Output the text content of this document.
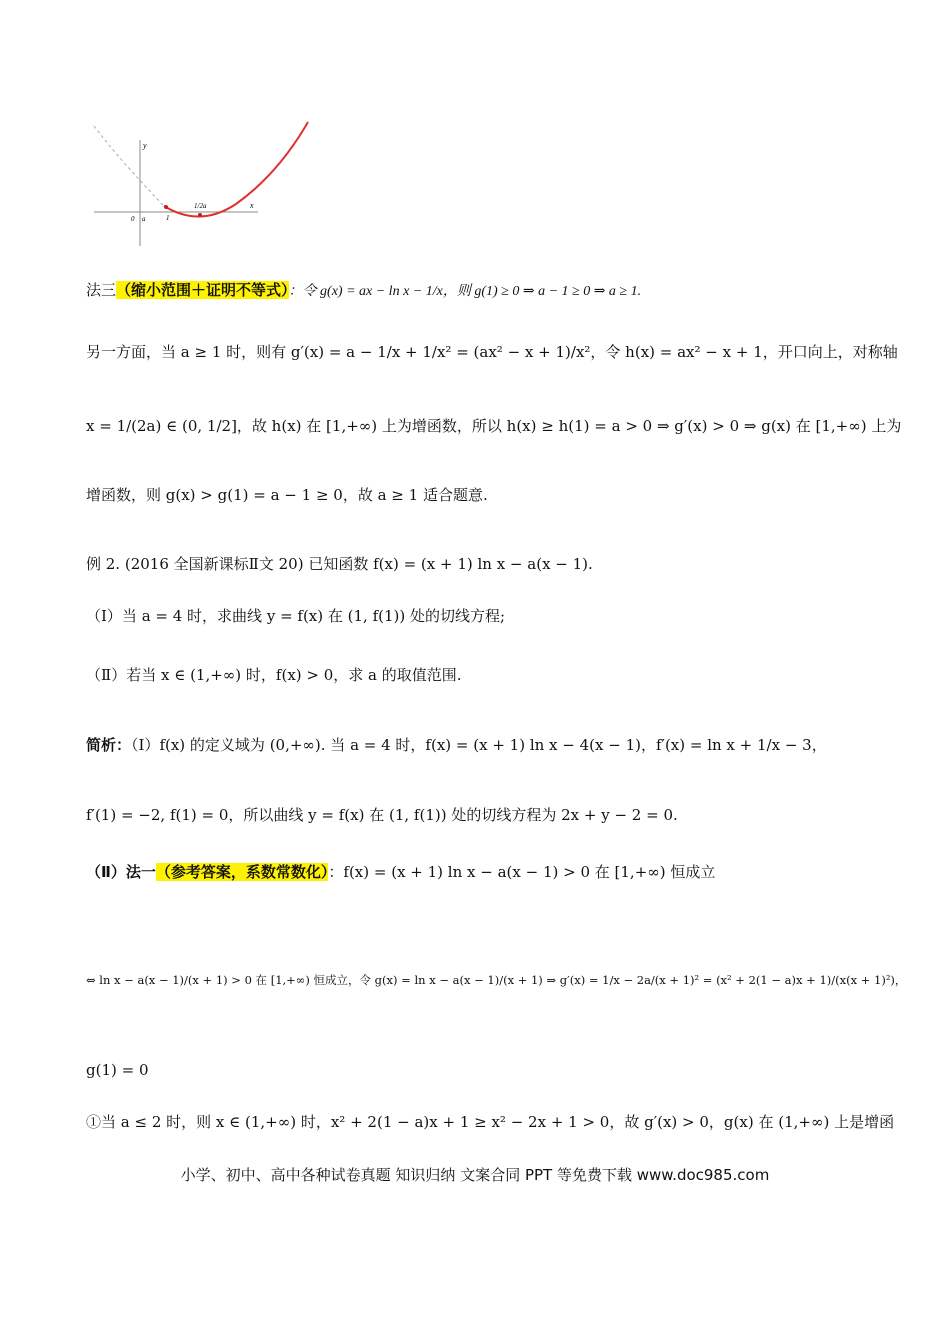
y
x
0 a	1
1/2a
法三（缩小范围＋证明不等式）：令 g(x) = ax − ln x − 1/x，则 g(1) ≥ 0 ⇒ a − 1 ≥ 0 ⇒ a ≥ 1.
另一方面，当 a ≥ 1 时，则有 g′(x) = a − 1/x + 1/x² = (ax² − x + 1)/x²，令 h(x) = ax² − x + 1，开口向上，对称轴
x = 1/(2a) ∈ (0, 1/2]，故 h(x) 在 [1,+∞) 上为增函数，所以 h(x) ≥ h(1) = a > 0 ⇒ g′(x) > 0 ⇒ g(x) 在 [1,+∞) 上为
增函数，则 g(x) > g(1) = a − 1 ≥ 0，故 a ≥ 1 适合题意.
例 2. (2016 全国新课标Ⅱ文 20) 已知函数 f(x) = (x + 1) ln x − a(x − 1).
（Ⅰ）当 a = 4 时，求曲线 y = f(x) 在 (1, f(1)) 处的切线方程;
（Ⅱ）若当 x ∈ (1,+∞) 时，f(x) > 0，求 a 的取值范围.
简析：（Ⅰ）f(x) 的定义域为 (0,+∞). 当 a = 4 时，f(x) = (x + 1) ln x − 4(x − 1)，f′(x) = ln x + 1/x − 3，
f′(1) = −2, f(1) = 0，所以曲线 y = f(x) 在 (1, f(1)) 处的切线方程为 2x + y − 2 = 0.
（Ⅱ）法一（参考答案，系数常数化）：f(x) = (x + 1) ln x − a(x − 1) > 0 在 [1,+∞) 恒成立
⇔ ln x − a(x − 1)/(x + 1) > 0 在 [1,+∞) 恒成立，令 g(x) = ln x − a(x − 1)/(x + 1) ⇒ g′(x) = 1/x − 2a/(x + 1)² = (x² + 2(1 − a)x + 1)/(x(x + 1)²)，
g(1) = 0
①当 a ≤ 2 时，则 x ∈ (1,+∞) 时，x² + 2(1 − a)x + 1 ≥ x² − 2x + 1 > 0，故 g′(x) > 0，g(x) 在 (1,+∞) 上是增函
小学、初中、高中各种试卷真题 知识归纳 文案合同 PPT 等免费下载 www.doc985.com
